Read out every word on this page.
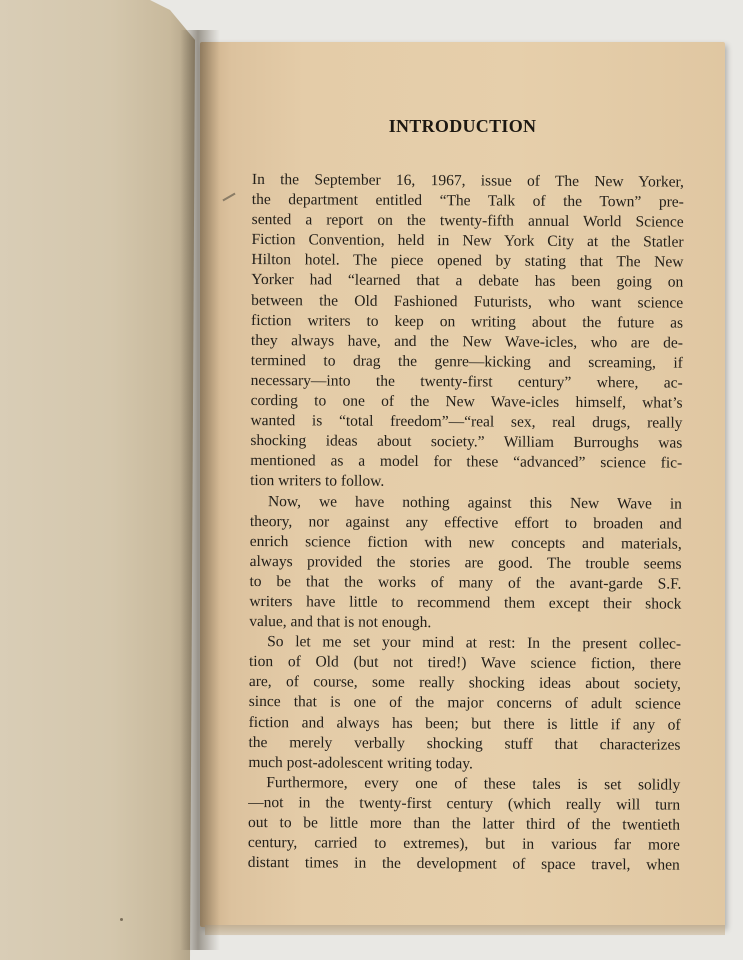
INTRODUCTION
In the September 16, 1967, issue of The New Yorker,
the department entitled “The Talk of the Town” pre-
sented a report on the twenty-fifth annual World Science
Fiction Convention, held in New York City at the Statler
Hilton hotel. The piece opened by stating that The New
Yorker had “learned that a debate has been going on
between the Old Fashioned Futurists, who want science
fiction writers to keep on writing about the future as
they always have, and the New Wave-icles, who are de-
termined to drag the genre—kicking and screaming, if
necessary—into the twenty-first century” where, ac-
cording to one of the New Wave-icles himself, what’s
wanted is “total freedom”—“real sex, real drugs, really
shocking ideas about society.” William Burroughs was
mentioned as a model for these “advanced” science fic-
tion writers to follow.
Now, we have nothing against this New Wave in
theory, nor against any effective effort to broaden and
enrich science fiction with new concepts and materials,
always provided the stories are good. The trouble seems
to be that the works of many of the avant-garde S.F.
writers have little to recommend them except their shock
value, and that is not enough.
So let me set your mind at rest: In the present collec-
tion of Old (but not tired!) Wave science fiction, there
are, of course, some really shocking ideas about society,
since that is one of the major concerns of adult science
fiction and always has been; but there is little if any of
the merely verbally shocking stuff that characterizes
much post-adolescent writing today.
Furthermore, every one of these tales is set solidly
—not in the twenty-first century (which really will turn
out to be little more than the latter third of the twentieth
century, carried to extremes), but in various far more
distant times in the development of space travel, when
